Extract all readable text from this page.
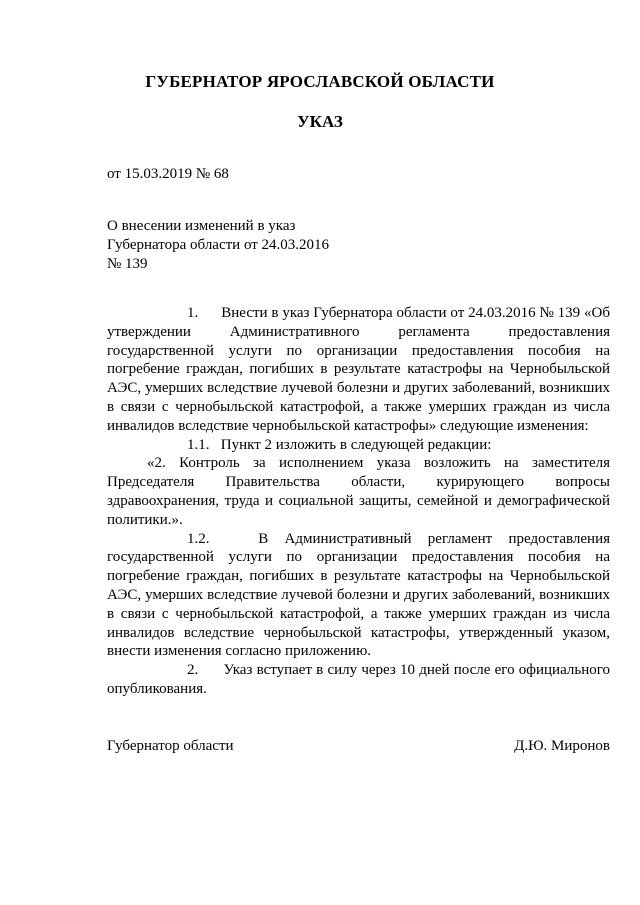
ГУБЕРНАТОР ЯРОСЛАВСКОЙ ОБЛАСТИ
УКАЗ

от 15.03.2019 № 68

О внесении изменений в указ
Губернатора области от 24.03.2016
№ 139

1. Внести в указ Губернатора области от 24.03.2016 № 139 «Об утверждении Административного регламента предоставления государственной услуги по организации предоставления пособия на погребение граждан, погибших в результате катастрофы на Чернобыльской АЭС, умерших вследствие лучевой болезни и других заболеваний, возникших в связи с чернобыльской катастрофой, а также умерших граждан из числа инвалидов вследствие чернобыльской катастрофы» следующие изменения:

1.1. Пункт 2 изложить в следующей редакции:

«2. Контроль за исполнением указа возложить на заместителя Председателя Правительства области, курирующего вопросы здравоохранения, труда и социальной защиты, семейной и демографической политики.».

1.2.	В Административный регламент предоставления государственной услуги по организации предоставления пособия на погребение граждан, погибших в результате катастрофы на Чернобыльской АЭС, умерших вследствие лучевой болезни и других заболеваний, возникших в связи с чернобыльской катастрофой, а также умерших граждан из числа инвалидов вследствие чернобыльской катастрофы, утвержденный указом, внести изменения согласно приложению.

2. Указ вступает в силу через 10 дней после его официального опубликования.

Губернатор области	Д.Ю. Миронов
